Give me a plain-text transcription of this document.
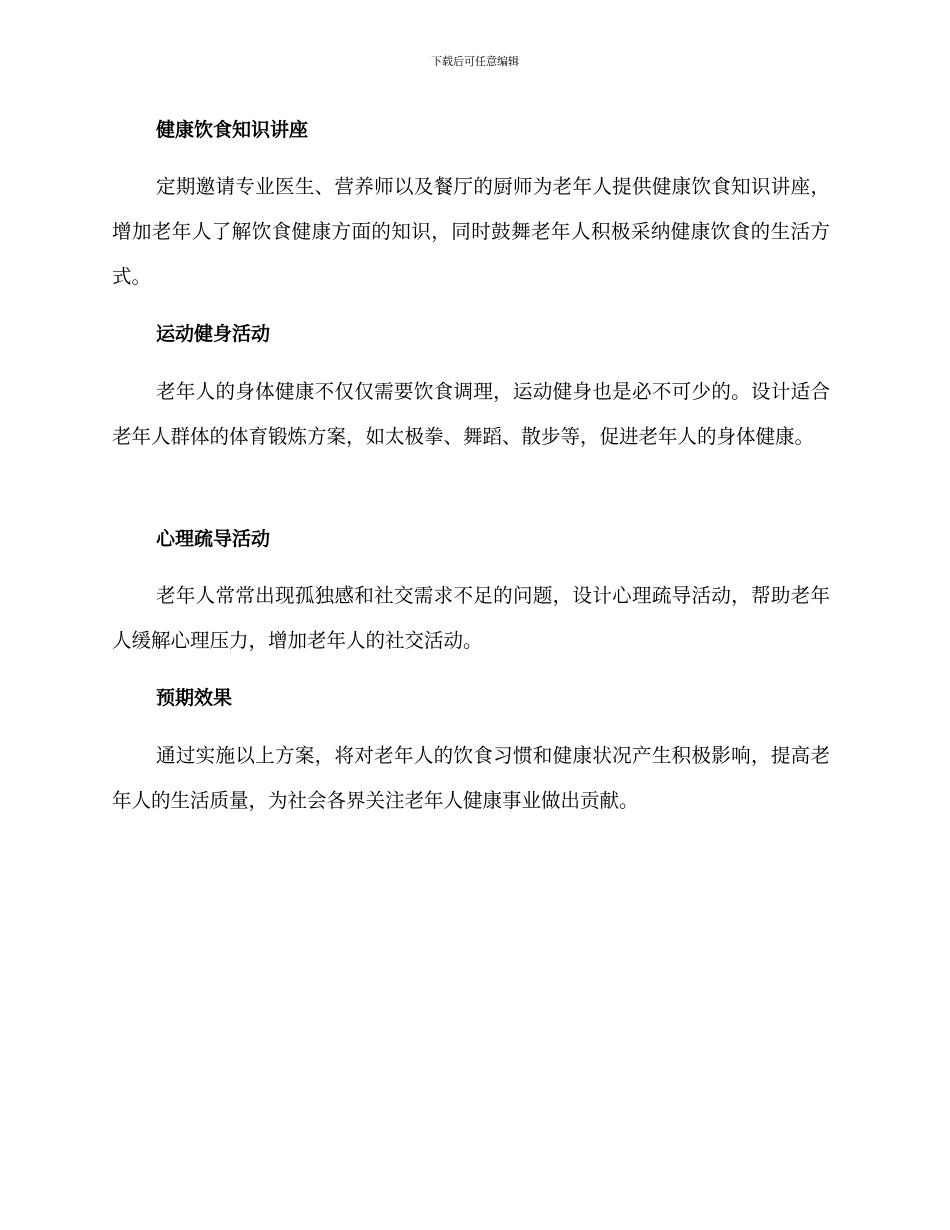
下载后可任意编辑
健康饮食知识讲座

定期邀请专业医生、营养师以及餐厅的厨师为老年人提供健康饮食知识讲座，增加老年人了解饮食健康方面的知识，同时鼓舞老年人积极采纳健康饮食的生活方式。

运动健身活动

老年人的身体健康不仅仅需要饮食调理，运动健身也是必不可少的。设计适合老年人群体的体育锻炼方案，如太极拳、舞蹈、散步等，促进老年人的身体健康。

心理疏导活动

老年人常常出现孤独感和社交需求不足的问题，设计心理疏导活动，帮助老年人缓解心理压力，增加老年人的社交活动。

预期效果

通过实施以上方案，将对老年人的饮食习惯和健康状况产生积极影响，提高老年人的生活质量，为社会各界关注老年人健康事业做出贡献。
